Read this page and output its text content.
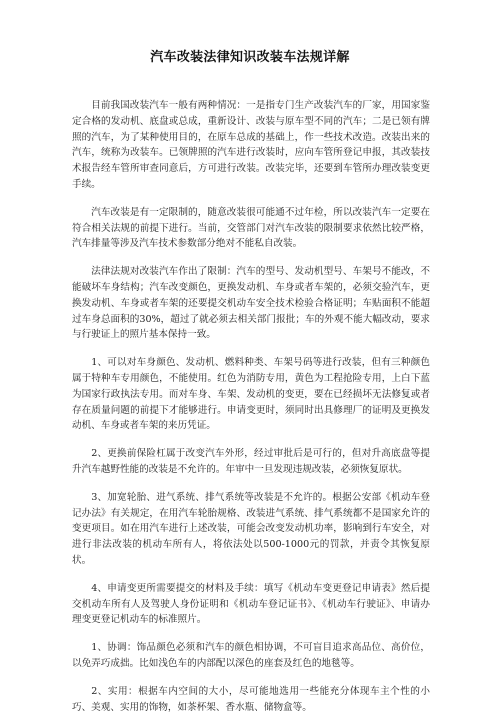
汽车改装法律知识改装车法规详解

目前我国改装汽车一般有两种情况：一是指专门生产改装汽车的厂家，用国家鉴定合格的发动机、底盘或总成，重新设计、改装与原车型不同的汽车；二是已领有牌照的汽车，为了某种使用目的，在原车总成的基础上，作一些技术改造。改装出来的汽车，统称为改装车。已领牌照的汽车进行改装时，应向车管所登记申报，其改装技术报告经车管所审查同意后，方可进行改装。改装完毕，还要到车管所办理改装变更手续。

汽车改装是有一定限制的，随意改装很可能通不过年检，所以改装汽车一定要在符合相关法规的前提下进行。当前，交管部门对汽车改装的限制要求依然比较严格，汽车排量等涉及汽车技术参数部分绝对不能私自改装。

法律法规对改装汽车作出了限制：汽车的型号、发动机型号、车架号不能改，不能破坏车身结构；汽车改变颜色，更换发动机、车身或者车架的，必须交验汽车，更换发动机、车身或者车架的还要提交机动车安全技术检验合格证明；车贴面积不能超过车身总面积的30%，超过了就必须去相关部门报批；车的外观不能大幅改动，要求与行驶证上的照片基本保持一致。

1、可以对车身颜色、发动机、燃料种类、车架号码等进行改装，但有三种颜色属于特种车专用颜色，不能使用。红色为消防专用，黄色为工程抢险专用，上白下蓝为国家行政执法专用。而对车身、车架、发动机的变更，要在已经损坏无法修复或者存在质量问题的前提下才能够进行。申请变更时，须同时出具修理厂的证明及更换发动机、车身或者车架的来历凭证。

2、更换前保险杠属于改变汽车外形，经过审批后是可行的，但对升高底盘等提升汽车越野性能的改装是不允许的。年审中一旦发现违规改装，必须恢复原状。

3、加宽轮胎、进气系统、排气系统等改装是不允许的。根据公安部《机动车登记办法》有关规定，在用汽车轮胎规格、改装进气系统、排气系统都不是国家允许的变更项目。如在用汽车进行上述改装，可能会改变发动机功率，影响到行车安全，对进行非法改装的机动车所有人，将依法处以500-1000元的罚款，并责令其恢复原状。

4、申请变更所需要提交的材料及手续：填写《机动车变更登记申请表》然后提交机动车所有人及驾驶人身份证明和《机动车登记证书》、《机动车行驶证》、申请办理变更登记机动车的标准照片。

1、协调：饰品颜色必须和汽车的颜色相协调，不可盲目追求高品位、高价位，以免弄巧成拙。比如浅色车的内部配以深色的座套及红色的地毯等。

2、实用：根据车内空间的大小，尽可能地选用一些能充分体现车主个性的小巧、美观、实用的饰物，如茶杯架、香水瓶、储物盒等。
